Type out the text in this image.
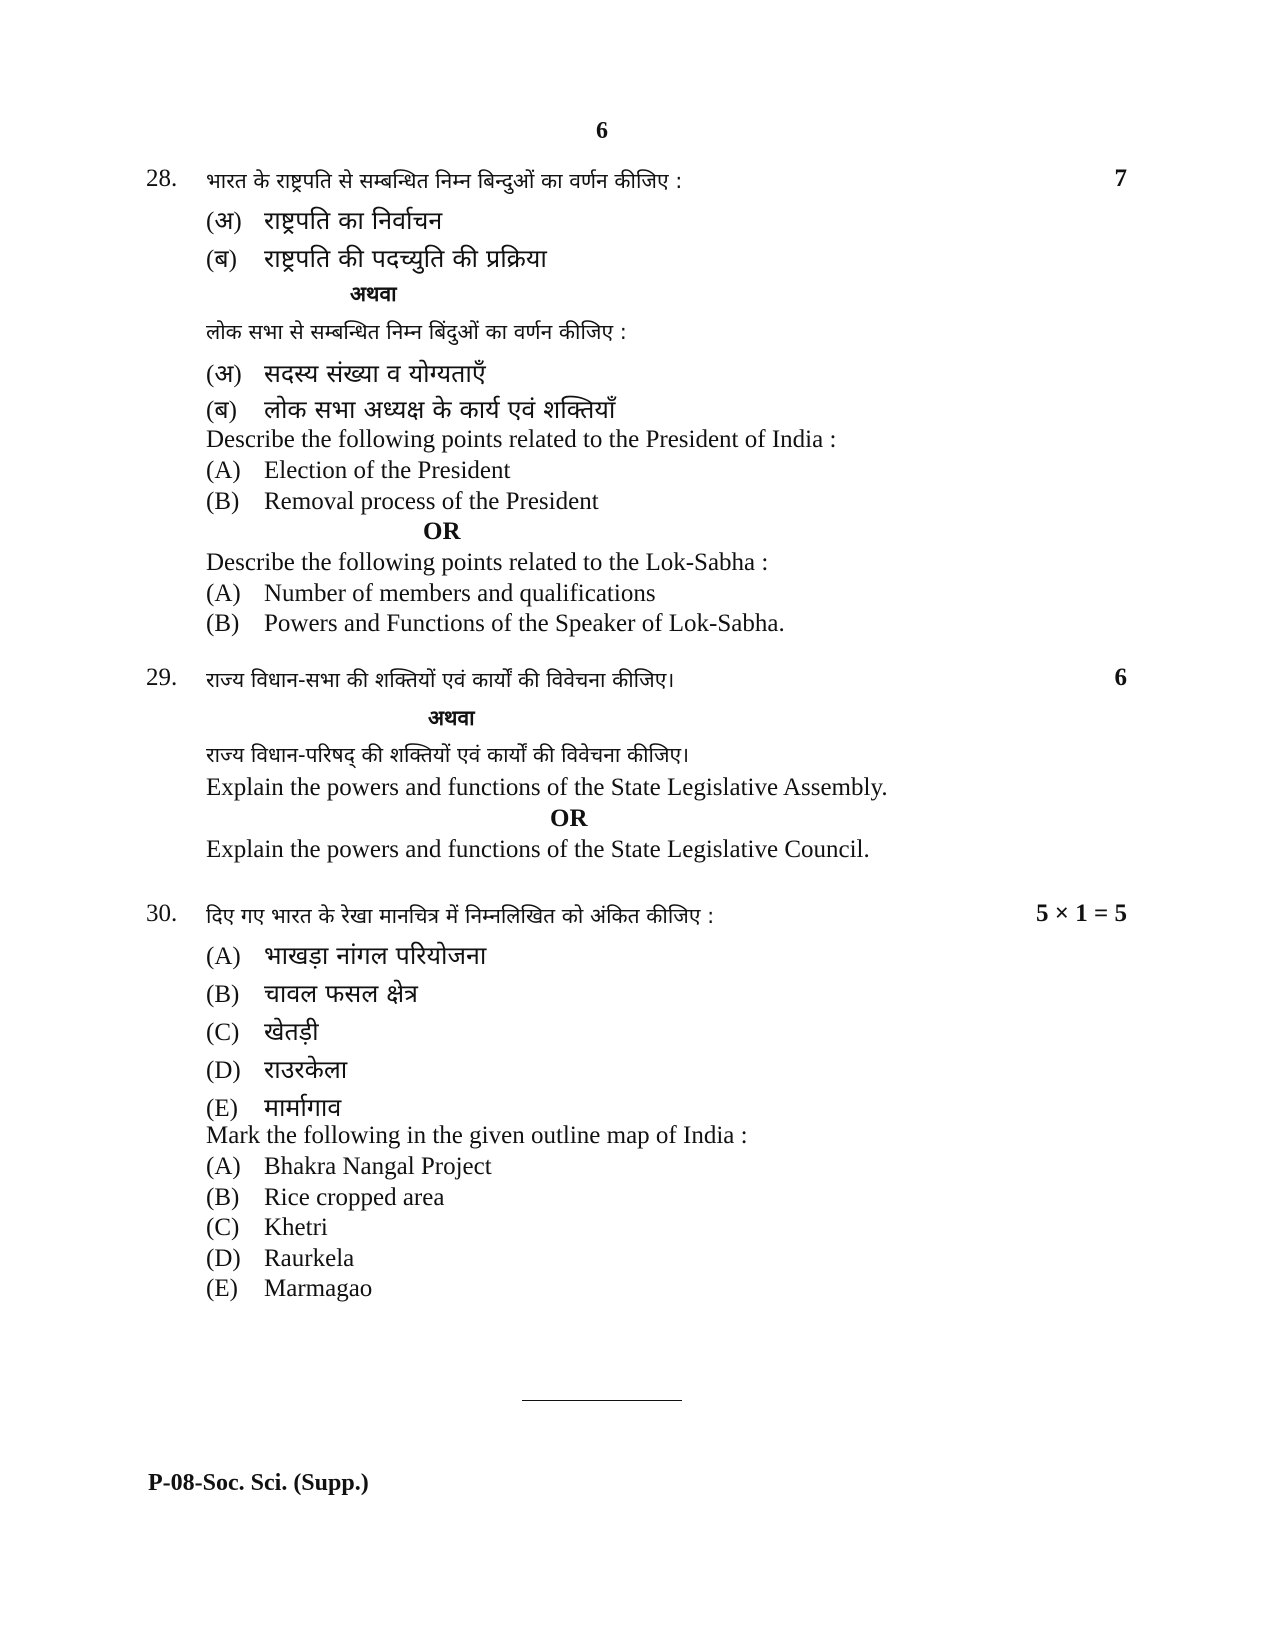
6
28.	7
भारत के राष्ट्रपति से सम्बन्धित निम्न बिन्दुओं का वर्णन कीजिए :
(अ) राष्ट्रपति का निर्वाचन
(ब) राष्ट्रपति की पदच्युति की प्रक्रिया
अथवा
लोक सभा से सम्बन्धित निम्न बिंदुओं का वर्णन कीजिए :
(अ) सदस्य संख्या व योग्यताएँ
(ब) लोक सभा अध्यक्ष के कार्य एवं शक्तियाँ
Describe the following points related to the President of India :
(A) Election of the President
(B) Removal process of the President
OR
Describe the following points related to the Lok-Sabha :
(A) Number of members and qualifications
(B) Powers and Functions of the Speaker of Lok-Sabha.
29.	6
राज्य विधान-सभा की शक्तियों एवं कार्यों की विवेचना कीजिए।
अथवा
राज्य विधान-परिषद् की शक्तियों एवं कार्यों की विवेचना कीजिए।
Explain the powers and functions of the State Legislative Assembly.
OR
Explain the powers and functions of the State Legislative Council.
30.	5 × 1 = 5
दिए गए भारत के रेखा मानचित्र में निम्नलिखित को अंकित कीजिए :
(A) भाखड़ा नांगल परियोजना
(B) चावल फसल क्षेत्र
(C) खेतड़ी
(D) राउरकेला
(E) मार्मागाव
Mark the following in the given outline map of India :
(A) Bhakra Nangal Project
(B) Rice cropped area
(C) Khetri
(D) Raurkela
(E) Marmagao
P-08-Soc. Sci. (Supp.)
